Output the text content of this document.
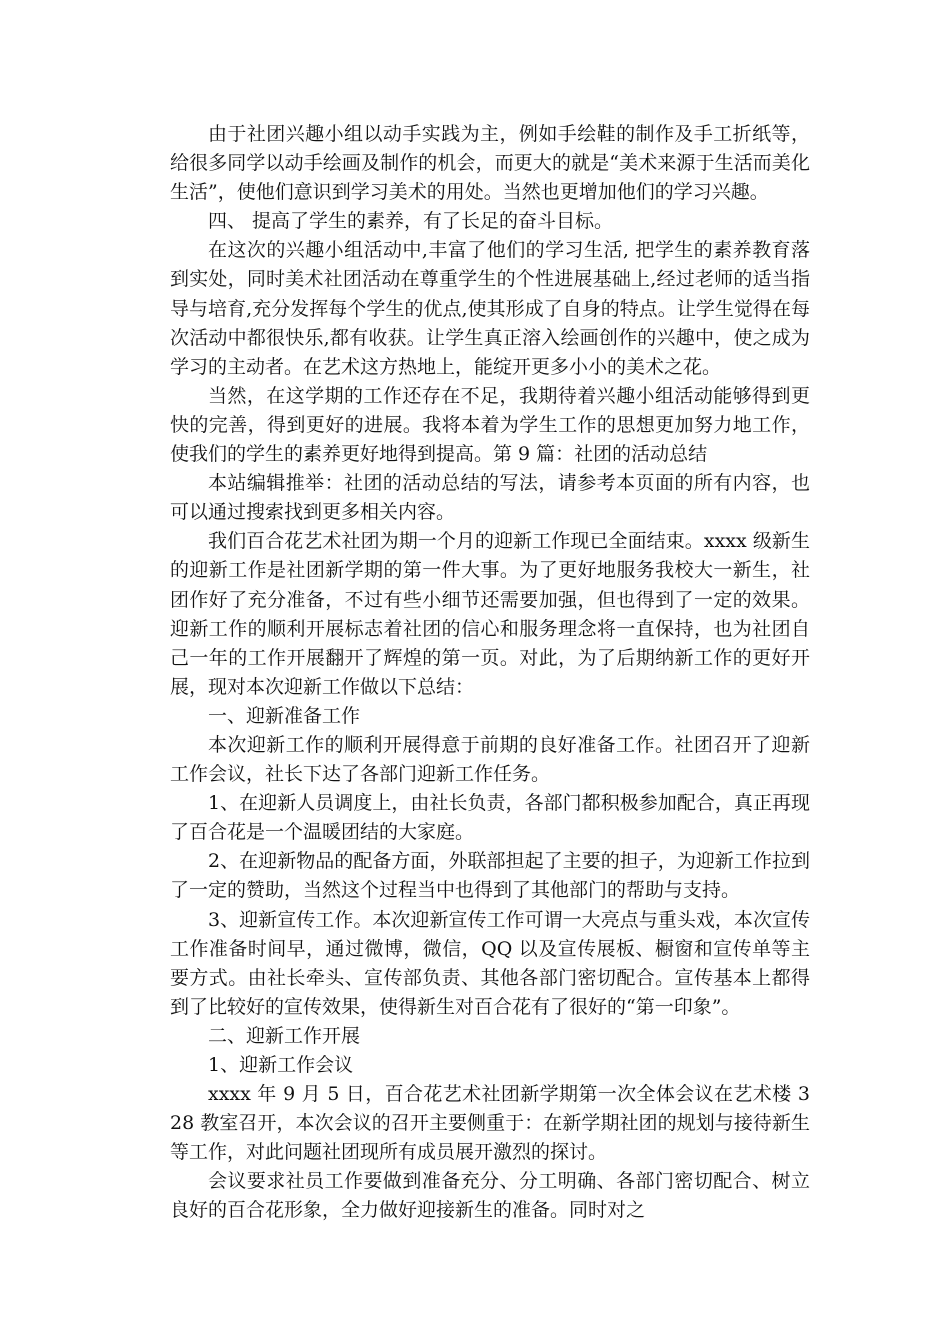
由于社团兴趣小组以动手实践为主，例如手绘鞋的制作及手工折纸等，给很多同学以动手绘画及制作的机会，而更大的就是“美术来源于生活而美化生活”，使他们意识到学习美术的用处。当然也更增加他们的学习兴趣。

四、 提高了学生的素养，有了长足的奋斗目标。

在这次的兴趣小组活动中,丰富了他们的学习生活, 把学生的素养教育落到实处，同时美术社团活动在尊重学生的个性进展基础上,经过老师的适当指导与培育,充分发挥每个学生的优点,使其形成了自身的特点。让学生觉得在每次活动中都很快乐,都有收获。让学生真正溶入绘画创作的兴趣中，使之成为学习的主动者。在艺术这方热地上，能绽开更多小小的美术之花。

当然，在这学期的工作还存在不足，我期待着兴趣小组活动能够得到更快的完善，得到更好的进展。我将本着为学生工作的思想更加努力地工作，使我们的学生的素养更好地得到提高。第 9 篇：社团的活动总结

本站编辑推举：社团的活动总结的写法，请参考本页面的所有内容，也可以通过搜索找到更多相关内容。

我们百合花艺术社团为期一个月的迎新工作现已全面结束。xxxx 级新生的迎新工作是社团新学期的第一件大事。为了更好地服务我校大一新生，社团作好了充分准备，不过有些小细节还需要加强，但也得到了一定的效果。迎新工作的顺利开展标志着社团的信心和服务理念将一直保持，也为社团自己一年的工作开展翻开了辉煌的第一页。对此，为了后期纳新工作的更好开展，现对本次迎新工作做以下总结：

一、迎新准备工作

本次迎新工作的顺利开展得意于前期的良好准备工作。社团召开了迎新工作会议，社长下达了各部门迎新工作任务。

1、在迎新人员调度上，由社长负责，各部门都积极参加配合，真正再现了百合花是一个温暖团结的大家庭。

2、在迎新物品的配备方面，外联部担起了主要的担子，为迎新工作拉到了一定的赞助，当然这个过程当中也得到了其他部门的帮助与支持。

3、迎新宣传工作。本次迎新宣传工作可谓一大亮点与重头戏，本次宣传工作准备时间早，通过微博，微信，QQ 以及宣传展板、橱窗和宣传单等主要方式。由社长牵头、宣传部负责、其他各部门密切配合。宣传基本上都得到了比较好的宣传效果，使得新生对百合花有了很好的“第一印象”。

二、迎新工作开展

1、迎新工作会议

xxxx 年 9 月 5 日，百合花艺术社团新学期第一次全体会议在艺术楼 328 教室召开，本次会议的召开主要侧重于：在新学期社团的规划与接待新生等工作，对此问题社团现所有成员展开激烈的探讨。

会议要求社员工作要做到准备充分、分工明确、各部门密切配合、树立良好的百合花形象，全力做好迎接新生的准备。同时对之
